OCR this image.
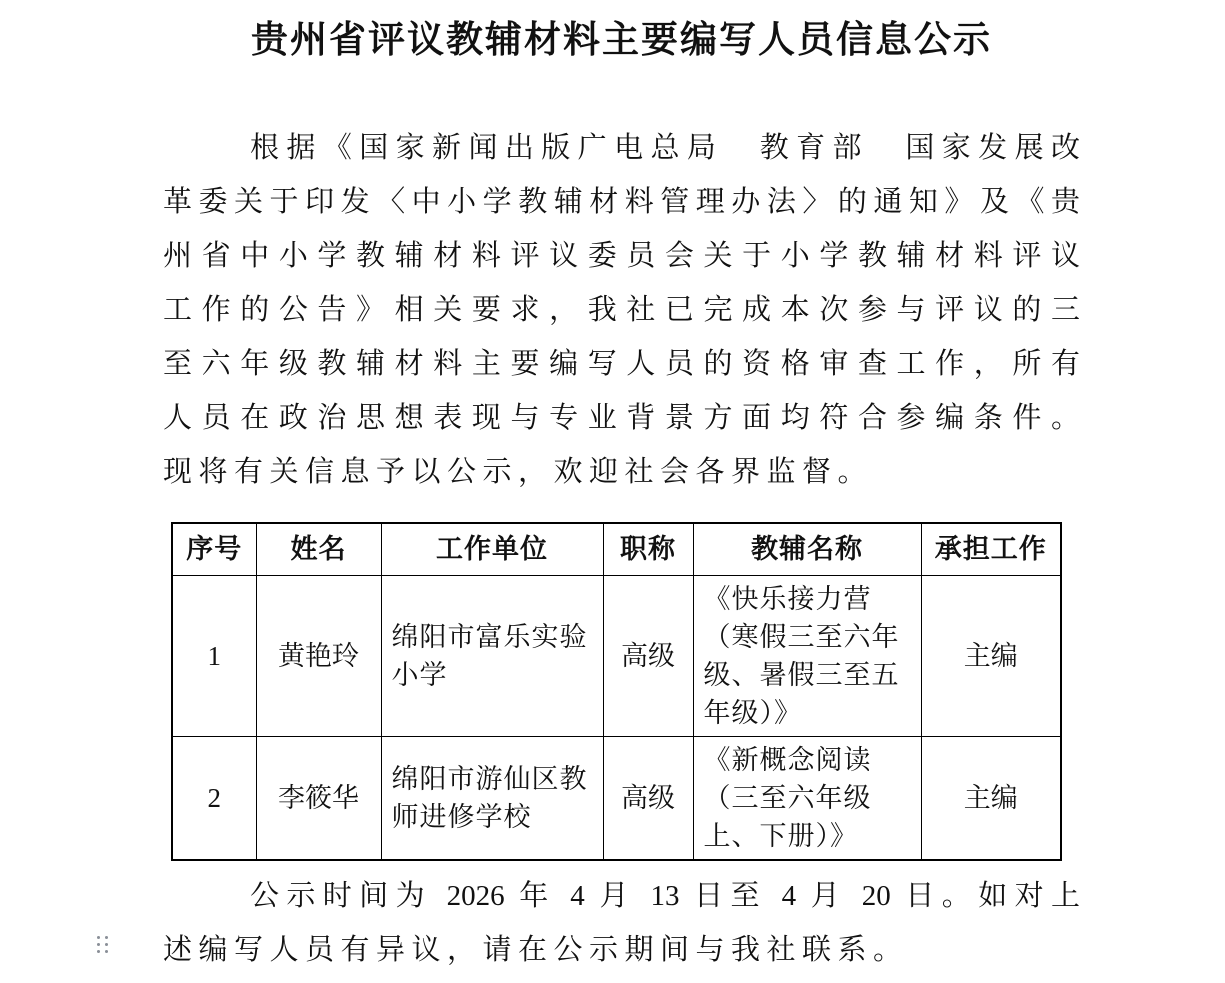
贵州省评议教辅材料主要编写人员信息公示
根据《国家新闻出版广电总局　教育部　国家发展改
革委关于印发〈中小学教辅材料管理办法〉的通知》及《贵
州省中小学教辅材料评议委员会关于小学教辅材料评议
工作的公告》相关要求，我社已完成本次参与评议的三
至六年级教辅材料主要编写人员的资格审查工作，所有
人员在政治思想表现与专业背景方面均符合参编条件。
现将有关信息予以公示，欢迎社会各界监督。
序号	姓名	工作单位	职称	教辅名称	承担工作
1	黄艳玲	绵阳市富乐实验小学	高级	《快乐接力营（寒假三至六年级、暑假三至五年级）》	主编
2	李筱华	绵阳市游仙区教师进修学校	高级	《新概念阅读（三至六年级上、下册）》	主编
公示时间为 2026 年 4 月 13 日至 4 月 20 日。如对上
述编写人员有异议，请在公示期间与我社联系。
